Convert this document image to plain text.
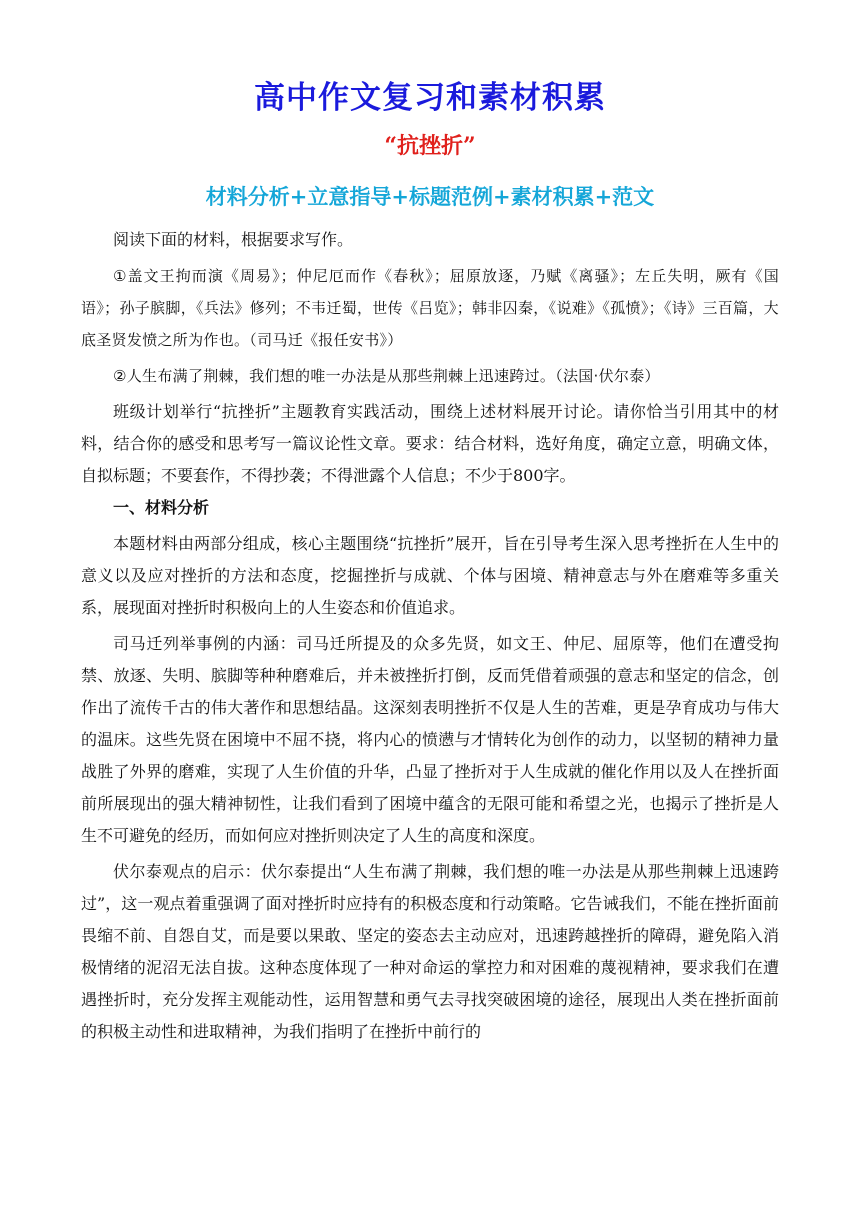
高中作文复习和素材积累
“抗挫折”
材料分析+立意指导+标题范例+素材积累+范文

阅读下面的材料，根据要求写作。

①盖文王拘而演《周易》；仲尼厄而作《春秋》；屈原放逐，乃赋《离骚》；左丘失明，厥有《国语》；孙子膑脚，《兵法》修列；不韦迁蜀，世传《吕览》；韩非囚秦，《说难》《孤愤》；《诗》三百篇，大底圣贤发愤之所为作也。（司马迁《报任安书》）

②人生布满了荆棘，我们想的唯一办法是从那些荆棘上迅速跨过。（法国·伏尔泰）

班级计划举行“抗挫折”主题教育实践活动，围绕上述材料展开讨论。请你恰当引用其中的材料，结合你的感受和思考写一篇议论性文章。要求：结合材料，选好角度，确定立意，明确文体，自拟标题；不要套作，不得抄袭；不得泄露个人信息；不少于800字。

一、材料分析

本题材料由两部分组成，核心主题围绕“抗挫折”展开，旨在引导考生深入思考挫折在人生中的意义以及应对挫折的方法和态度，挖掘挫折与成就、个体与困境、精神意志与外在磨难等多重关系，展现面对挫折时积极向上的人生姿态和价值追求。

司马迁列举事例的内涵：司马迁所提及的众多先贤，如文王、仲尼、屈原等，他们在遭受拘禁、放逐、失明、膑脚等种种磨难后，并未被挫折打倒，反而凭借着顽强的意志和坚定的信念，创作出了流传千古的伟大著作和思想结晶。这深刻表明挫折不仅是人生的苦难，更是孕育成功与伟大的温床。这些先贤在困境中不屈不挠，将内心的愤懑与才情转化为创作的动力，以坚韧的精神力量战胜了外界的磨难，实现了人生价值的升华，凸显了挫折对于人生成就的催化作用以及人在挫折面前所展现出的强大精神韧性，让我们看到了困境中蕴含的无限可能和希望之光，也揭示了挫折是人生不可避免的经历，而如何应对挫折则决定了人生的高度和深度。

伏尔泰观点的启示：伏尔泰提出“人生布满了荆棘，我们想的唯一办法是从那些荆棘上迅速跨过”，这一观点着重强调了面对挫折时应持有的积极态度和行动策略。它告诫我们，不能在挫折面前畏缩不前、自怨自艾，而是要以果敢、坚定的姿态去主动应对，迅速跨越挫折的障碍，避免陷入消极情绪的泥沼无法自拔。这种态度体现了一种对命运的掌控力和对困难的蔑视精神，要求我们在遭遇挫折时，充分发挥主观能动性，运用智慧和勇气去寻找突破困境的途径，展现出人类在挫折面前的积极主动性和进取精神，为我们指明了在挫折中前行的
